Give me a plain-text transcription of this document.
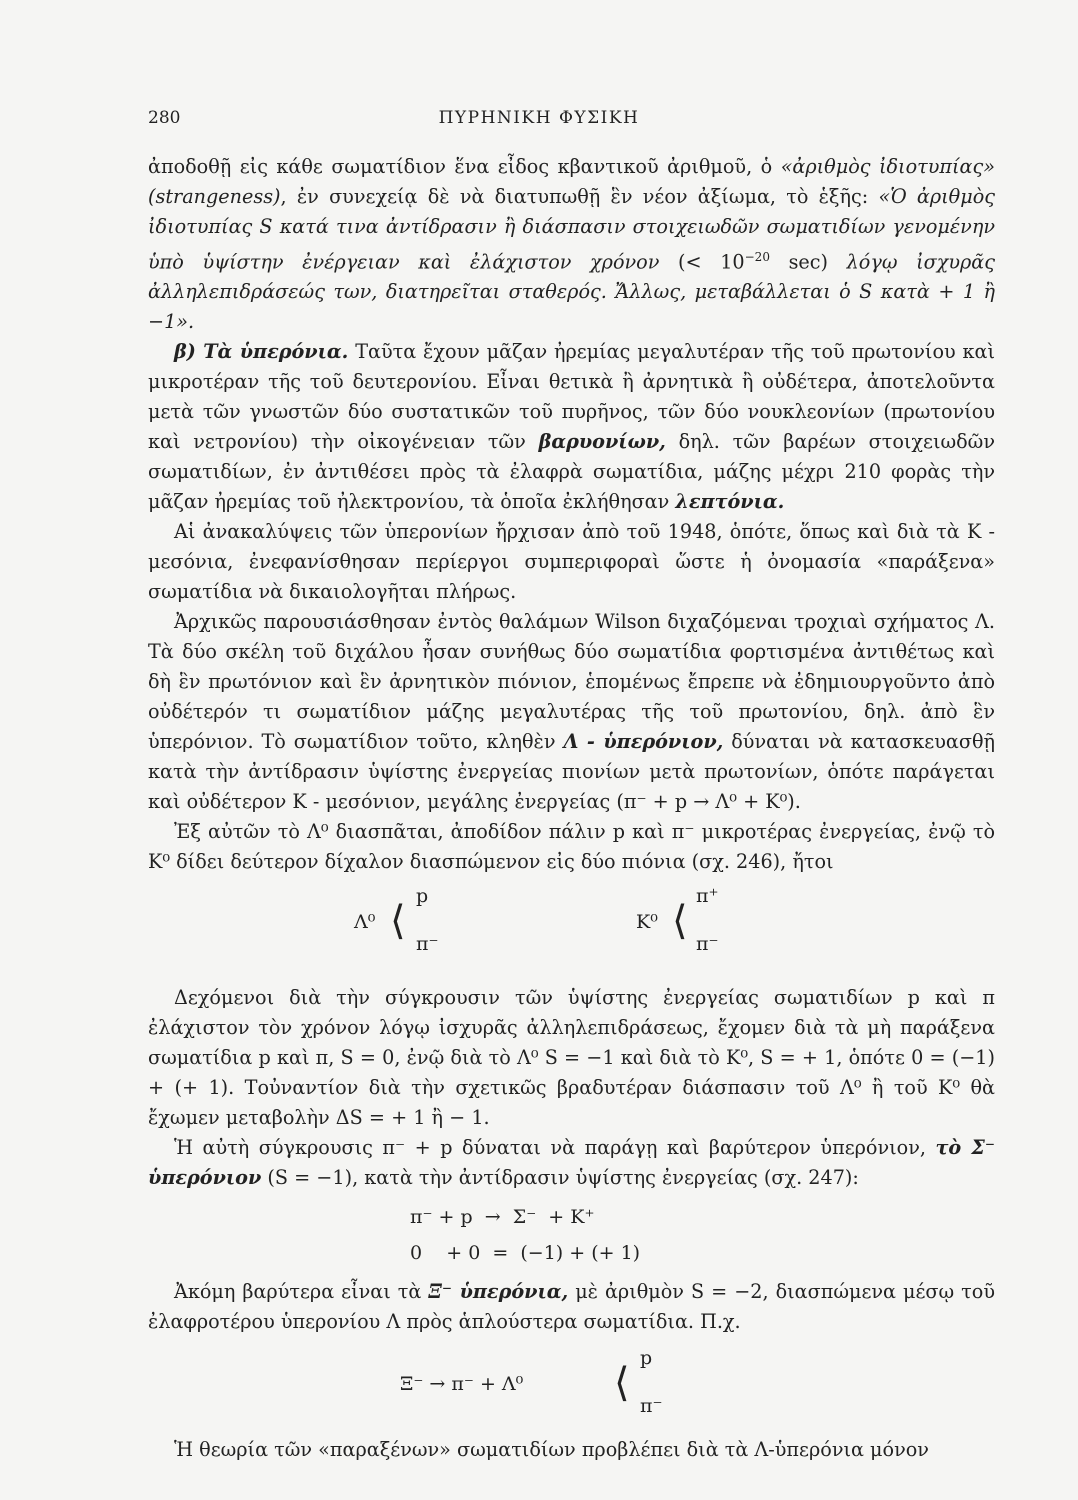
280	ΠΥΡΗΝΙΚΗ ΦΥΣΙΚΗ

ἀποδοθῇ εἰς κάθε σωματίδιον ἕνα εἶδος κβαντικοῦ ἀριθμοῦ, ὁ «ἀριθμὸς ἰδιοτυπίας» (strangeness), ἐν συνεχείᾳ δὲ νὰ διατυπωθῇ ἓν νέον ἀξίωμα, τὸ ἑξῆς: «Ὁ ἀριθμὸς ἰδιοτυπίας S κατά τινα ἀντίδρασιν ἢ διάσπασιν στοιχειωδῶν σωματιδίων γενομένην ὑπὸ ὑψίστην ἐνέργειαν καὶ ἐλάχιστον χρόνον (< $10^{-20}$ sec) λόγῳ ἰσχυρᾶς ἀλληλεπιδράσεώς των, διατηρεῖται σταθερός. Ἄλλως, μεταβάλλεται ὁ S κατὰ + 1 ἢ −1».

β) Τὰ ὑπερόνια. Ταῦτα ἔχουν μᾶζαν ἠρεμίας μεγαλυτέραν τῆς τοῦ πρωτονίου καὶ μικροτέραν τῆς τοῦ δευτερονίου. Εἶναι θετικὰ ἢ ἀρνητικὰ ἢ οὐδέτερα, ἀποτελοῦντα μετὰ τῶν γνωστῶν δύο συστατικῶν τοῦ πυρῆνος, τῶν δύο νουκλεονίων (πρωτονίου καὶ νετρονίου) τὴν οἰκογένειαν τῶν βαρυονίων, δηλ. τῶν βαρέων στοιχειωδῶν σωματιδίων, ἐν ἀντιθέσει πρὸς τὰ ἐλαφρὰ σωματίδια, μάζης μέχρι 210 φορὰς τὴν μᾶζαν ἠρεμίας τοῦ ἠλεκτρονίου, τὰ ὁποῖα ἐκλήθησαν λεπτόνια.

Αἱ ἀνακαλύψεις τῶν ὑπερονίων ἤρχισαν ἀπὸ τοῦ 1948, ὁπότε, ὅπως καὶ διὰ τὰ K - μεσόνια, ἐνεφανίσθησαν περίεργοι συμπεριφοραὶ ὥστε ἡ ὀνομασία «παράξενα» σωματίδια νὰ δικαιολογῆται πλήρως.

Ἀρχικῶς παρουσιάσθησαν ἐντὸς θαλάμων Wilson διχαζόμεναι τροχιαὶ σχήματος Λ. Τὰ δύο σκέλη τοῦ διχάλου ἦσαν συνήθως δύο σωματίδια φορτισμένα ἀντιθέτως καὶ δὴ ἓν πρωτόνιον καὶ ἓν ἀρνητικὸν πιόνιον, ἑπομένως ἔπρεπε νὰ ἐδημιουργοῦντο ἀπὸ οὐδέτερόν τι σωματίδιον μάζης μεγαλυτέρας τῆς τοῦ πρωτονίου, δηλ. ἀπὸ ἓν ὑπερόνιον. Τὸ σωματίδιον τοῦτο, κληθὲν Λ - ὑπερόνιον, δύναται νὰ κατασκευασθῇ κατὰ τὴν ἀντίδρασιν ὑψίστης ἐνεργείας πιονίων μετὰ πρωτονίων, ὁπότε παράγεται καὶ οὐδέτερον K - μεσόνιον, μεγάλης ἐνεργείας (π⁻ + p → Λ⁰ + K⁰).

Ἐξ αὐτῶν τὸ Λ⁰ διασπᾶται, ἀποδίδον πάλιν p καὶ π⁻ μικροτέρας ἐνεργείας, ἐνῷ τὸ K⁰ δίδει δεύτερον δίχαλον διασπώμενον εἰς δύο πιόνια (σχ. 246), ἤτοι

Λ⁰ ⟨
p
π⁻
K⁰ ⟨
π⁺
π⁻

Δεχόμενοι διὰ τὴν σύγκρουσιν τῶν ὑψίστης ἐνεργείας σωματιδίων p καὶ π ἐλάχιστον τὸν χρόνον λόγῳ ἰσχυρᾶς ἀλληλεπιδράσεως, ἔχομεν διὰ τὰ μὴ παράξενα σωματίδια p καὶ π, S = 0, ἐνῷ διὰ τὸ Λ⁰ S = −1 καὶ διὰ τὸ K⁰, S = + 1, ὁπότε 0 = (−1) + (+ 1). Τοὐναντίον διὰ τὴν σχετικῶς βραδυτέραν διάσπασιν τοῦ Λ⁰ ἢ τοῦ K⁰ θὰ ἔχωμεν μεταβολὴν ΔS = + 1 ἢ − 1.

Ἡ αὐτὴ σύγκρουσις π⁻ + p δύναται νὰ παράγῃ καὶ βαρύτερον ὑπερόνιον, τὸ Σ⁻ ὑπερόνιον (S = −1), κατὰ τὴν ἀντίδρασιν ὑψίστης ἐνεργείας (σχ. 247):

π⁻ + p  →  Σ⁻  + K⁺
0    + 0  =  (−1) + (+ 1)

Ἀκόμη βαρύτερα εἶναι τὰ Ξ⁻ ὑπερόνια, μὲ ἀριθμὸν S = −2, διασπώμενα μέσῳ τοῦ ἐλαφροτέρου ὑπερονίου Λ πρὸς ἁπλούστερα σωματίδια. Π.χ.

Ξ⁻ → π⁻ + Λ⁰ ⟨
p
π⁻

Ἡ θεωρία τῶν «παραξένων» σωματιδίων προβλέπει διὰ τὰ Λ-ὑπερόνια μόνον
